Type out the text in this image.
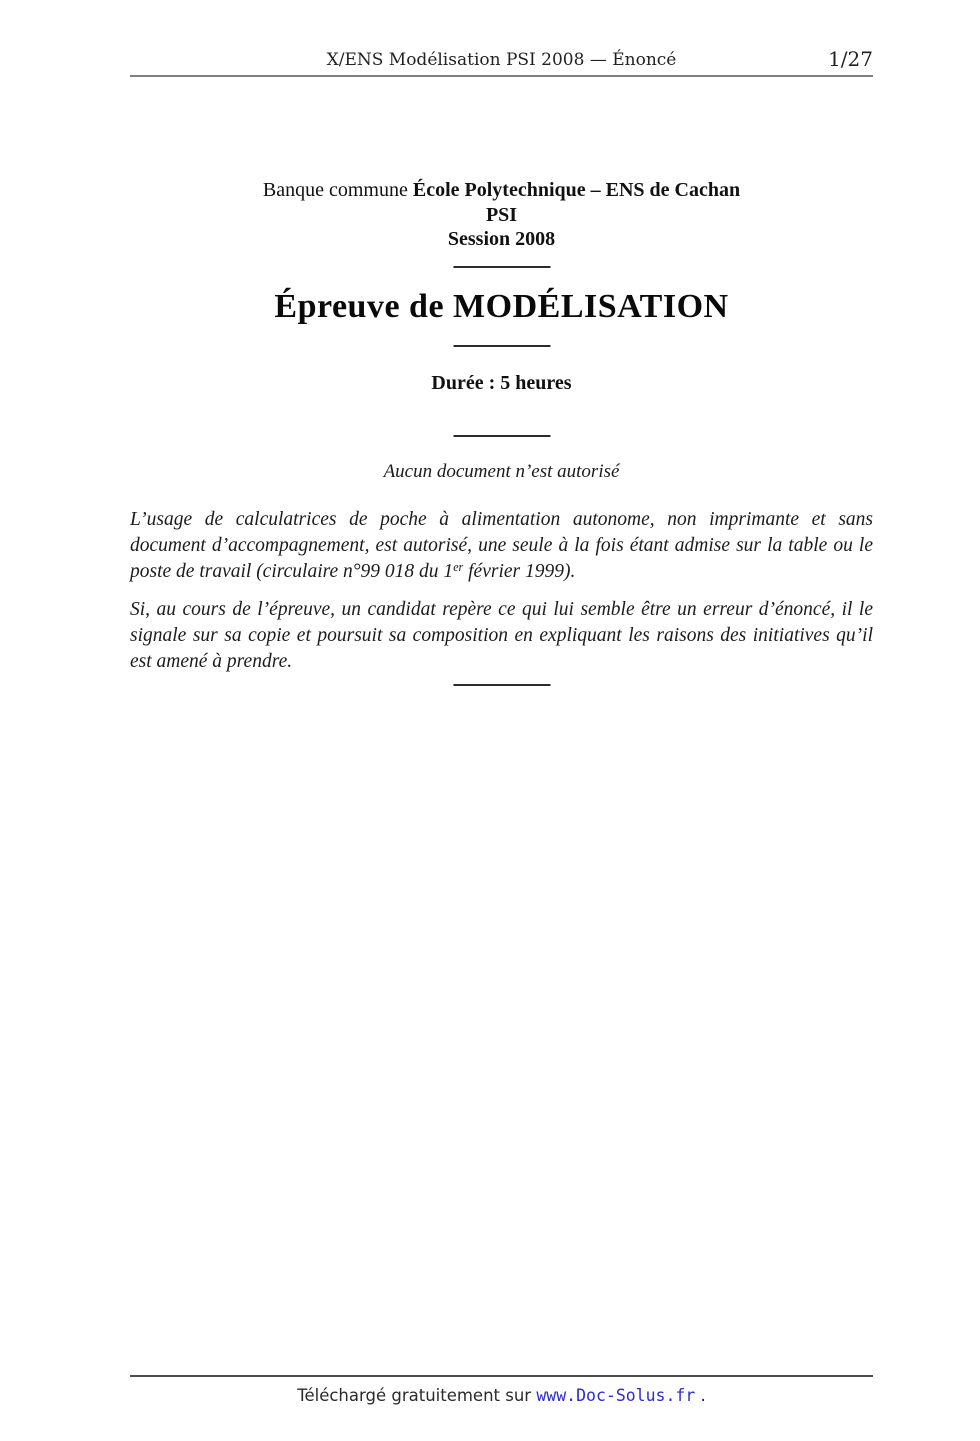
X/ENS Modélisation PSI 2008 — Énoncé	1/27
Banque commune École Polytechnique – ENS de Cachan
PSI
Session 2008
Épreuve de MODÉLISATION
Durée : 5 heures
Aucun document n’est autorisé
L’usage de calculatrices de poche à alimentation autonome, non imprimante et sans
document d’accompagnement, est autorisé, une seule à la fois étant admise sur la table ou le
poste de travail (circulaire n°99 018 du 1er février 1999).
Si, au cours de l’épreuve, un candidat repère ce qui lui semble être un erreur d’énoncé, il le
signale sur sa copie et poursuit sa composition en expliquant les raisons des initiatives qu’il
est amené à prendre.
Téléchargé gratuitement sur www.Doc-Solus.fr .
